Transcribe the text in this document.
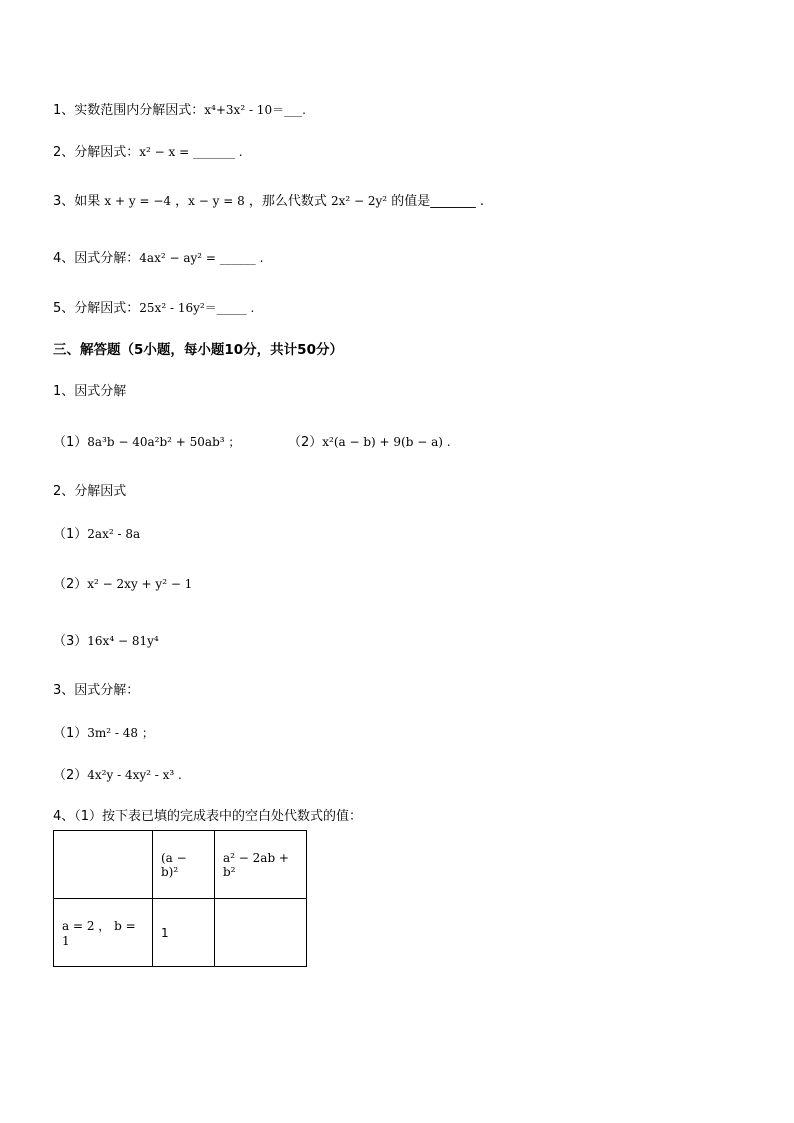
1、实数范围内分解因式：x⁴+3x² - 10＝___.
2、分解因式：x² − x = _______ .
3、如果 x + y = −4 ，x − y = 8 ，那么代数式 2x² − 2y² 的值是_______ .
4、因式分解：4ax² − ay² = ______ .
5、分解因式：25x² - 16y²＝_____ .
三、解答题（5小题，每小题10分，共计50分）
1、因式分解
（1）8a³b − 40a²b² + 50ab³ ；	（2）x²(a − b) + 9(b − a) .
2、分解因式
（1）2ax² - 8a
（2）x² − 2xy + y² − 1
（3）16x⁴ − 81y⁴
3、因式分解：
（1）3m² - 48 ；
（2）4x²y - 4xy² - x³ .
4、（1）按下表已填的完成表中的空白处代数式的值：
	(a − b)²	a² − 2ab + b²
a = 2 ， b = 1	1	
